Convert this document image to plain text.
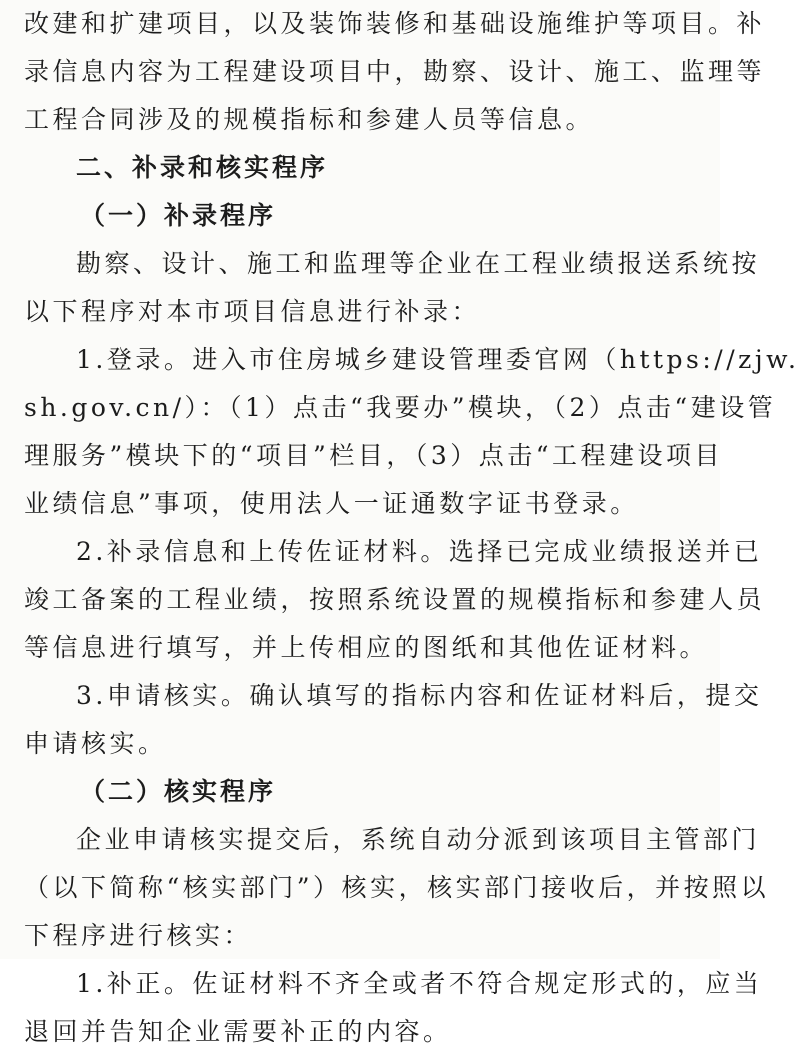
改建和扩建项目，以及装饰装修和基础设施维护等项目。补
录信息内容为工程建设项目中，勘察、设计、施工、监理等
工程合同涉及的规模指标和参建人员等信息。
二、补录和核实程序
（一）补录程序
勘察、设计、施工和监理等企业在工程业绩报送系统按
以下程序对本市项目信息进行补录：
1.登录。进入市住房城乡建设管理委官网（https://zjw.
sh.gov.cn/）：（1）点击“我要办”模块，（2）点击“建设管
理服务”模块下的“项目”栏目，（3）点击“工程建设项目
业绩信息”事项，使用法人一证通数字证书登录。
2.补录信息和上传佐证材料。选择已完成业绩报送并已
竣工备案的工程业绩，按照系统设置的规模指标和参建人员
等信息进行填写，并上传相应的图纸和其他佐证材料。
3.申请核实。确认填写的指标内容和佐证材料后，提交
申请核实。
（二）核实程序
企业申请核实提交后，系统自动分派到该项目主管部门
（以下简称“核实部门”）核实，核实部门接收后，并按照以
下程序进行核实：
1.补正。佐证材料不齐全或者不符合规定形式的，应当
退回并告知企业需要补正的内容。
